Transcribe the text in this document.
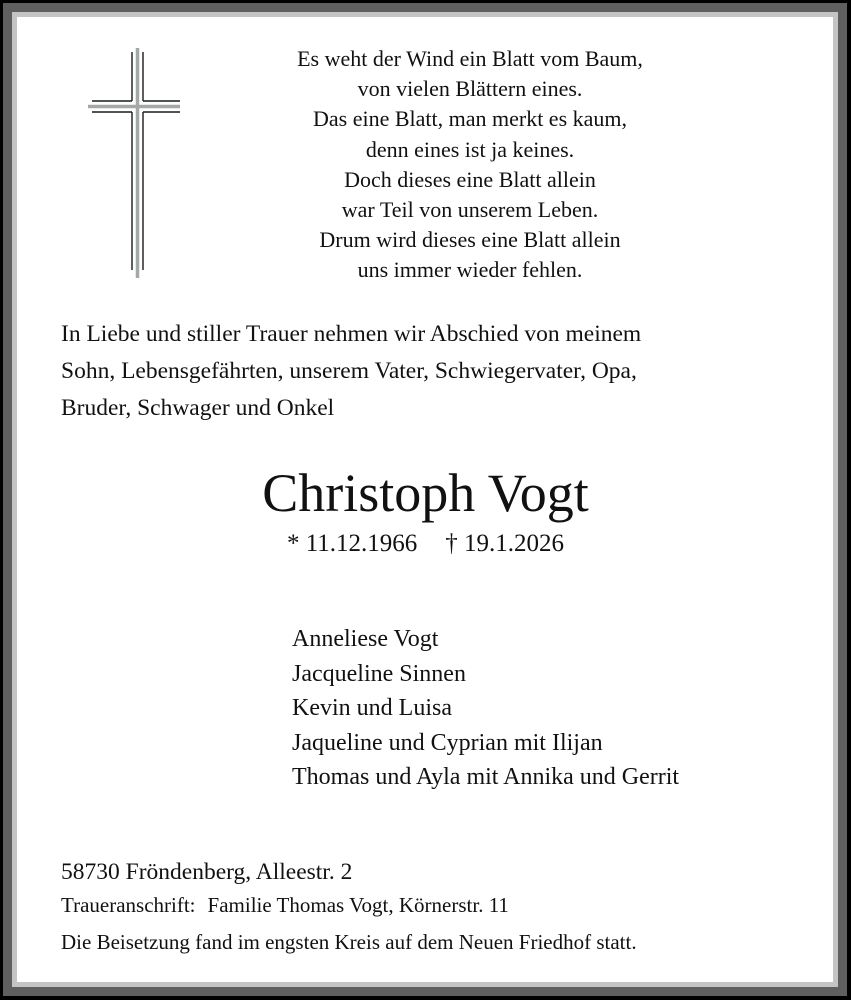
Es weht der Wind ein Blatt vom Baum,
von vielen Blättern eines.
Das eine Blatt, man merkt es kaum,
denn eines ist ja keines.
Doch dieses eine Blatt allein
war Teil von unserem Leben.
Drum wird dieses eine Blatt allein
uns immer wieder fehlen.
In Liebe und stiller Trauer nehmen wir Abschied von meinem
Sohn, Lebensgefährten, unserem Vater, Schwiegervater, Opa,
Bruder, Schwager und Onkel
Christoph Vogt
* 11.12.1966 † 19.1.2026
Anneliese Vogt
Jacqueline Sinnen
Kevin und Luisa
Jaqueline und Cyprian mit Ilijan
Thomas und Ayla mit Annika und Gerrit
58730 Fröndenberg, Alleestr. 2
Traueranschrift: Familie Thomas Vogt, Körnerstr. 11
Die Beisetzung fand im engsten Kreis auf dem Neuen Friedhof statt.
